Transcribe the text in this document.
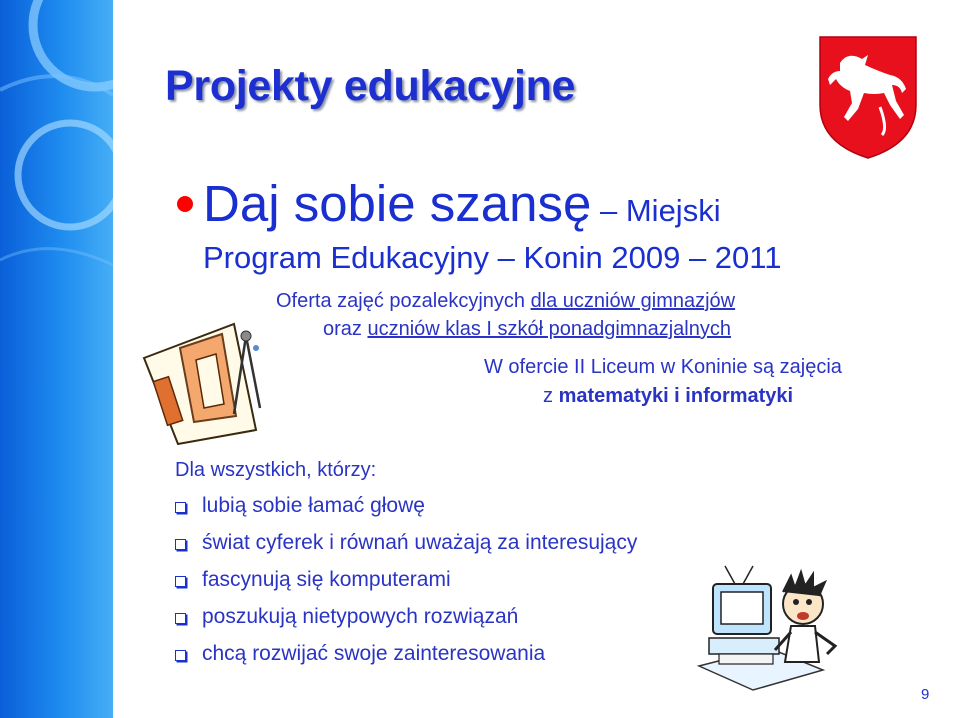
Projekty edukacyjne
Daj sobie szansę – Miejski
Program Edukacyjny – Konin 2009 – 2011
Oferta zajęć pozalekcyjnych dla uczniów gimnazjów
oraz uczniów klas I szkół ponadgimnazjalnych
W ofercie II Liceum w Koninie są zajęcia
z matematyki i informatyki
Dla wszystkich, którzy:
lubią sobie łamać głowę
świat cyferek i równań uważają za interesujący
fascynują się komputerami
poszukują nietypowych rozwiązań
chcą rozwijać swoje zainteresowania
9
